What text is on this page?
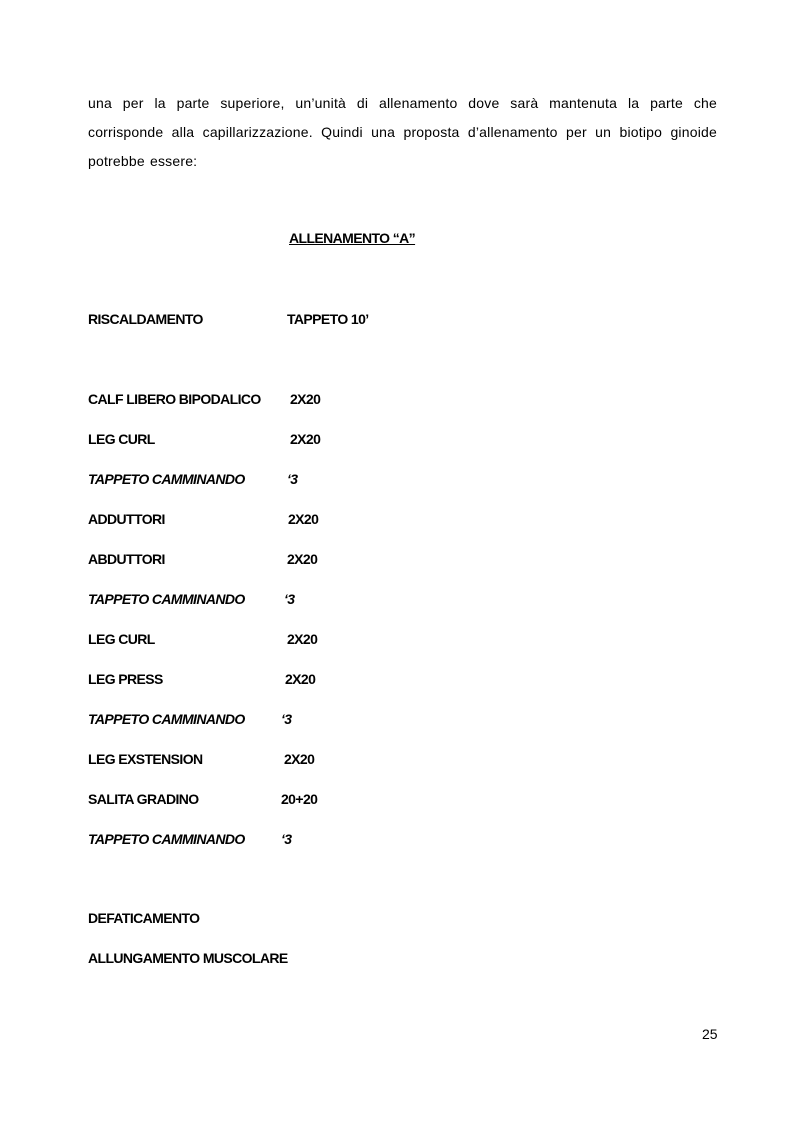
una per la parte superiore, un’unità di allenamento dove sarà mantenuta la parte che corrisponde alla capillarizzazione. Quindi una proposta d’allenamento per un biotipo ginoide potrebbe essere:

ALLENAMENTO “A”
RISCALDAMENTO	TAPPETO 10’
CALF LIBERO BIPODALICO 2X20
LEG CURL	2X20
TAPPETO CAMMINANDO	‘3
ADDUTTORI	2X20
ABDUTTORI	2X20
TAPPETO CAMMINANDO	‘3
LEG CURL	2X20
LEG PRESS	2X20
TAPPETO CAMMINANDO	‘3
LEG EXSTENSION	2X20
SALITA GRADINO	20+20
TAPPETO CAMMINANDO	‘3
DEFATICAMENTO
ALLUNGAMENTO MUSCOLARE
25
